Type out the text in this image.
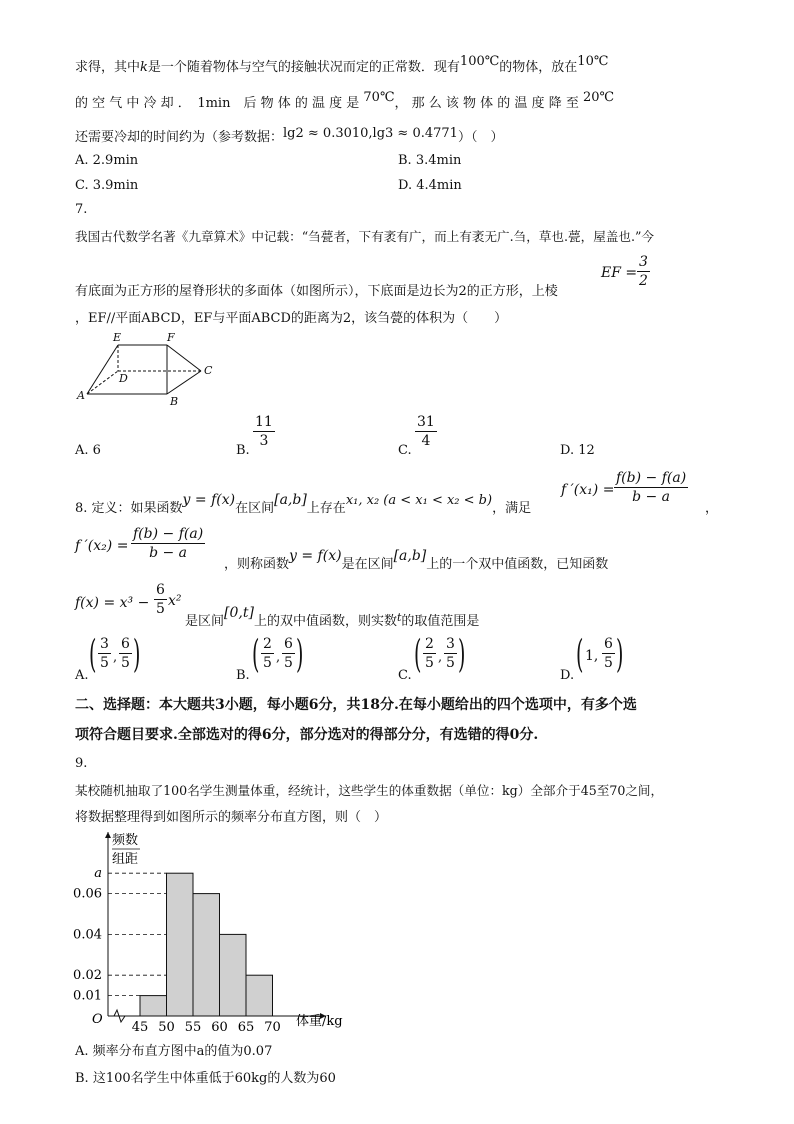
求得，其中k是一个随着物体与空气的接触状况而定的正常数．现有100℃的物体，放在10℃
的 空 气 中 冷 却 ．　 1min　 后 物 体 的 温 度 是 70℃， 那 么 该 物 体 的 温 度 降 至 20℃
还需要冷却的时间约为（参考数据：lg2 ≈ 0.3010,lg3 ≈ 0.4771）（　）
A. 2.9min	B. 3.4min
C. 3.9min	D. 4.4min
7.
我国古代数学名著《九章算术》中记载：“刍甍者，下有袤有广，而上有袤无广.刍，草也.甍，屋盖也.”今
有底面为正方形的屋脊形状的多面体（如图所示），下底面是边长为2的正方形，上棱
EF = $\frac{3}{2}$
，EF//平面ABCD，EF与平面ABCD的距离为2，该刍甍的体积为（　　）
E	F
D
C
A	B
A. 6	B.
$\frac{11}{3}$
C.
$\frac{31}{4}$
D. 12
8. 定义：如果函数y = f(x)在区间[a,b]上存在x₁, x₂ (a < x₁ < x₂ < b)，满足
f $'(x_1) = \frac{f(b) - f(a)}{b - a}$
，
f $'(x_2) = \frac{f(b) - f(a)}{b - a}$
，则称函数y = f(x)是在区间[a,b]上的一个双中值函数，已知函数
$f(x) = x^3 - \frac{6}{5} x^2$
是区间[0,t]上的双中值函数，则实数$^t$的取值范围是
A. ( $\frac{3}{5}$ , $\frac{6}{5}$ )	B. ( $\frac{2}{5}$ , $\frac{6}{5}$ )	C. ( $\frac{2}{5}$ , $\frac{3}{5}$ )	D. ( 1, $\frac{6}{5}$ )
二、选择题：本大题共3小题，每小题6分，共18分.在每小题给出的四个选项中，有多个选
项符合题目要求.全部选对的得6分，部分选对的得部分分，有选错的得0分.
9.
某校随机抽取了100名学生测量体重，经统计，这些学生的体重数据（单位：kg）全部介于45至70之间，
将数据整理得到如图所示的频率分布直方图，则（　）
频数
组距
O	体重/kg
a
0.06
0.04
0.02
0.01
45 50 55 60 65 70
A. 频率分布直方图中a的值为0.07
B. 这100名学生中体重低于60kg的人数为60
